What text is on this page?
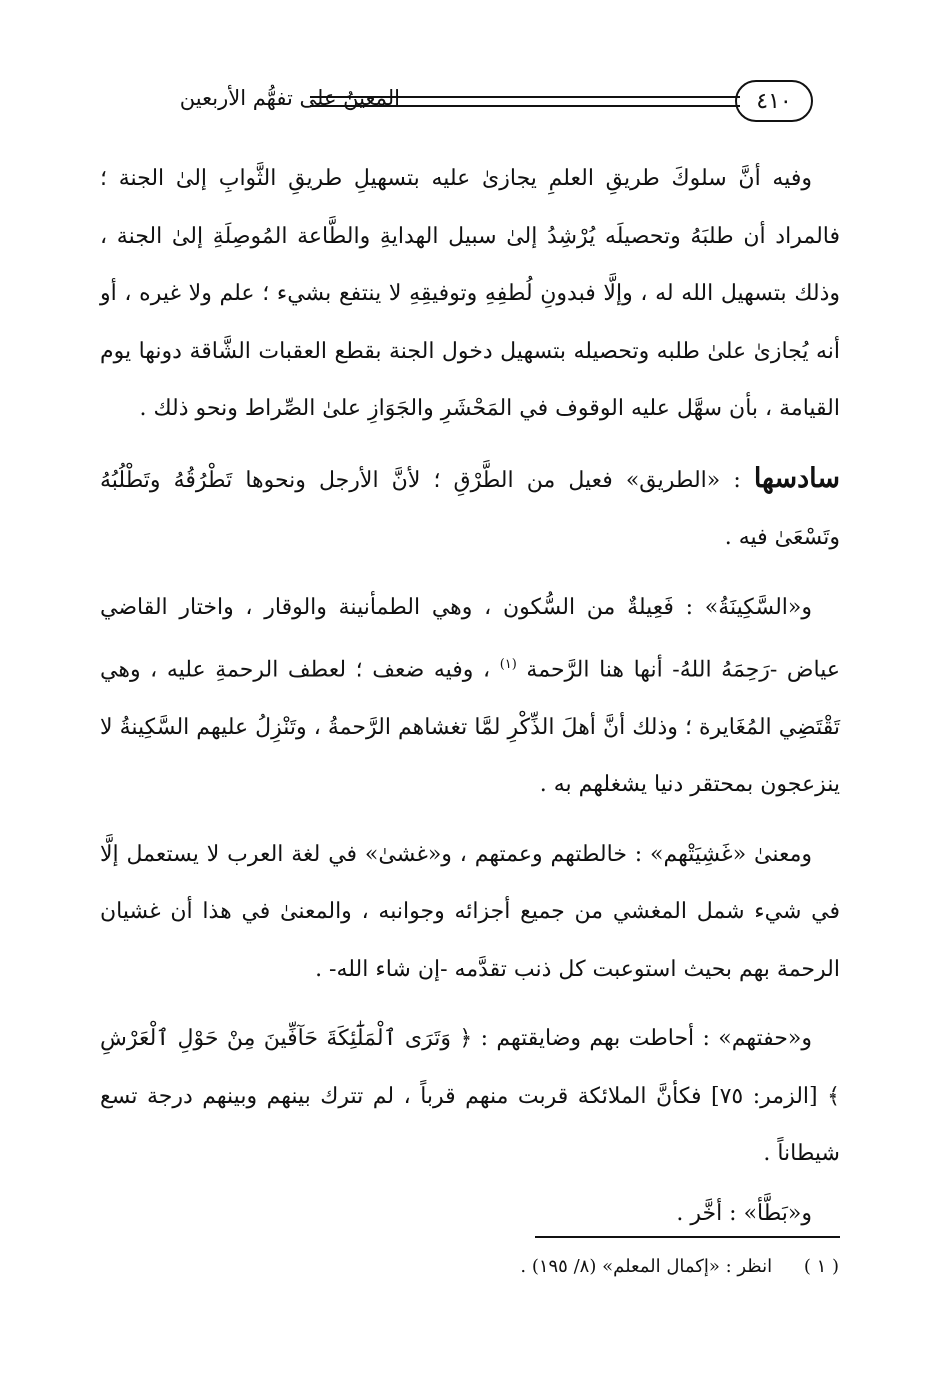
٤١٠
المعينُ على تفهُّم الأربعين

وفيه أنَّ سلوكَ طريقِ العلمِ يجازىٰ عليه بتسهيلِ طريقِ الثَّوابِ إلىٰ الجنة ؛ فالمراد أن طلبَهُ وتحصيلَه يُرْشِدُ إلىٰ سبيل الهدايةِ والطَّاعة المُوصِلَةِ إلىٰ الجنة ، وذلك بتسهيل الله له ، وإلَّا فبدونِ لُطفِهِ وتوفيقِهِ لا ينتفع بشيء ؛ علم ولا غيره ، أو أنه يُجازىٰ علىٰ طلبه وتحصيله بتسهيل دخول الجنة بقطع العقبات الشَّاقة دونها يوم القيامة ، بأن سهَّل عليه الوقوف في المَحْشَرِ والجَوَازِ علىٰ الصِّراط ونحو ذلك .

سادسها : «الطريق» فعيل من الطَّرْقِ ؛ لأنَّ الأرجل ونحوها تَطْرُقُهُ وتَطْلُبُهُ وتَسْعَىٰ فيه .

و«السَّكِينَةُ» : فَعِيلةٌ من السُّكون ، وهي الطمأنينة والوقار ، واختار القاضي عياض -رَحِمَهُ اللهُ- أنها هنا الرَّحمة $^{(١)}$ ، وفيه ضعف ؛ لعطف الرحمةِ عليه ، وهي تَقْتَضِي المُغَايرة ؛ وذلك أنَّ أهلَ الذِّكْرِ لمَّا تغشاهم الرَّحمةُ ، وتَنْزِلُ عليهم السَّكِينةُ لا ينزعجون بمحتقر دنيا يشغلهم به .

ومعنىٰ «غَشِيَتْهم» : خالطتهم وعمتهم ، و«غشىٰ» في لغة العرب لا يستعمل إلَّا في شيء شمل المغشي من جميع أجزائه وجوانبه ، والمعنىٰ في هذا أن غشيان الرحمة بهم بحيث استوعبت كل ذنب تقدَّمه -إن شاء الله- .

و«حفتهم» : أحاطت بهم وضايقتهم : ﴿ وَتَرَى ٱلْمَلَٰٓئِكَةَ حَآفِّينَ مِنْ حَوْلِ ٱلْعَرْشِ ﴾ [الزمر: ٧٥] فكأنَّ الملائكة قربت منهم قرباً ، لم تترك بينهم وبينهم درجة تسع شيطاناً .

و«بَطَّأ» : أخَّر .

( ١ ) انظر : «إكمال المعلم» (٨/ ١٩٥) .
